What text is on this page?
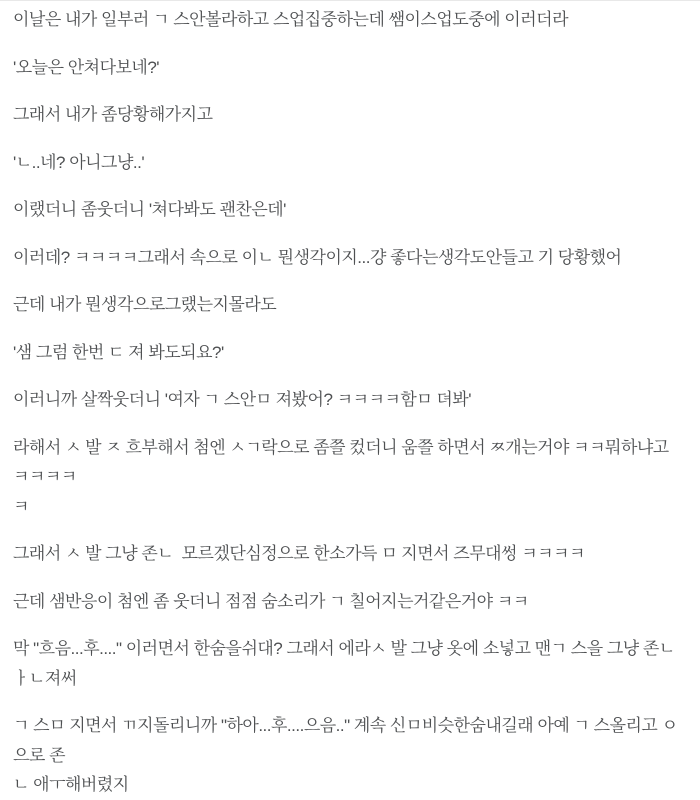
이날은 내가 일부러 ㄱ 스안볼라하고 스업집중하는데 쌤이스업도중에 이러더라

'오늘은 안쳐다보네?'

그래서 내가 좀당황해가지고

'ㄴ..네? 아니그냥..'

이랬더니 좀웃더니 '쳐다봐도 괜찬은데'

이러데? ㅋㅋㅋㅋ그래서 속으로 이ㄴ 뭔생각이지...걍 좋다는생각도안들고 기 당황했어

근데 내가 뭔생각으로그랬는지몰라도

'샘 그럼 한번 ㄷ 져 봐도되요?'

이러니까 살짝웃더니 '여자 ㄱ 스안ㅁ 져봤어? ㅋㅋㅋㅋ함ㅁ 뎌봐'

라해서 ㅅ 발 ㅈ 흐부해서 첨엔 ㅅㄱ락으로 좀쯜 컸더니 움쯜 하면서 ㅉ개는거야 ㅋㅋ뭐하냐고 ㅋㅋㅋㅋ
ㅋ

그래서 ㅅ 발 그냥 존ㄴ  모르겠단심정으로 한소가득 ㅁ 지면서 즈무대썽 ㅋㅋㅋㅋ

근데 샘반응이 첨엔 좀 웃더니 점점 숨소리가 ㄱ 칠어지는거같은거야 ㅋㅋ

막 "흐음...후...." 이러면서 한숨을쉬대? 그래서 에라ㅅ 발 그냥 옷에 소넣고 맨ㄱ 스을 그냥 존ㄴ  ㅏㄴ져써

ㄱ 스ㅁ 지면서 ㄲ지돌리니까 "하아...후....으음.." 계속 신ㅁ비슷한숨내길래 아예 ㄱ 스올리고 ㅇ 으로 존
ㄴ 애ㅜ해버렸지
